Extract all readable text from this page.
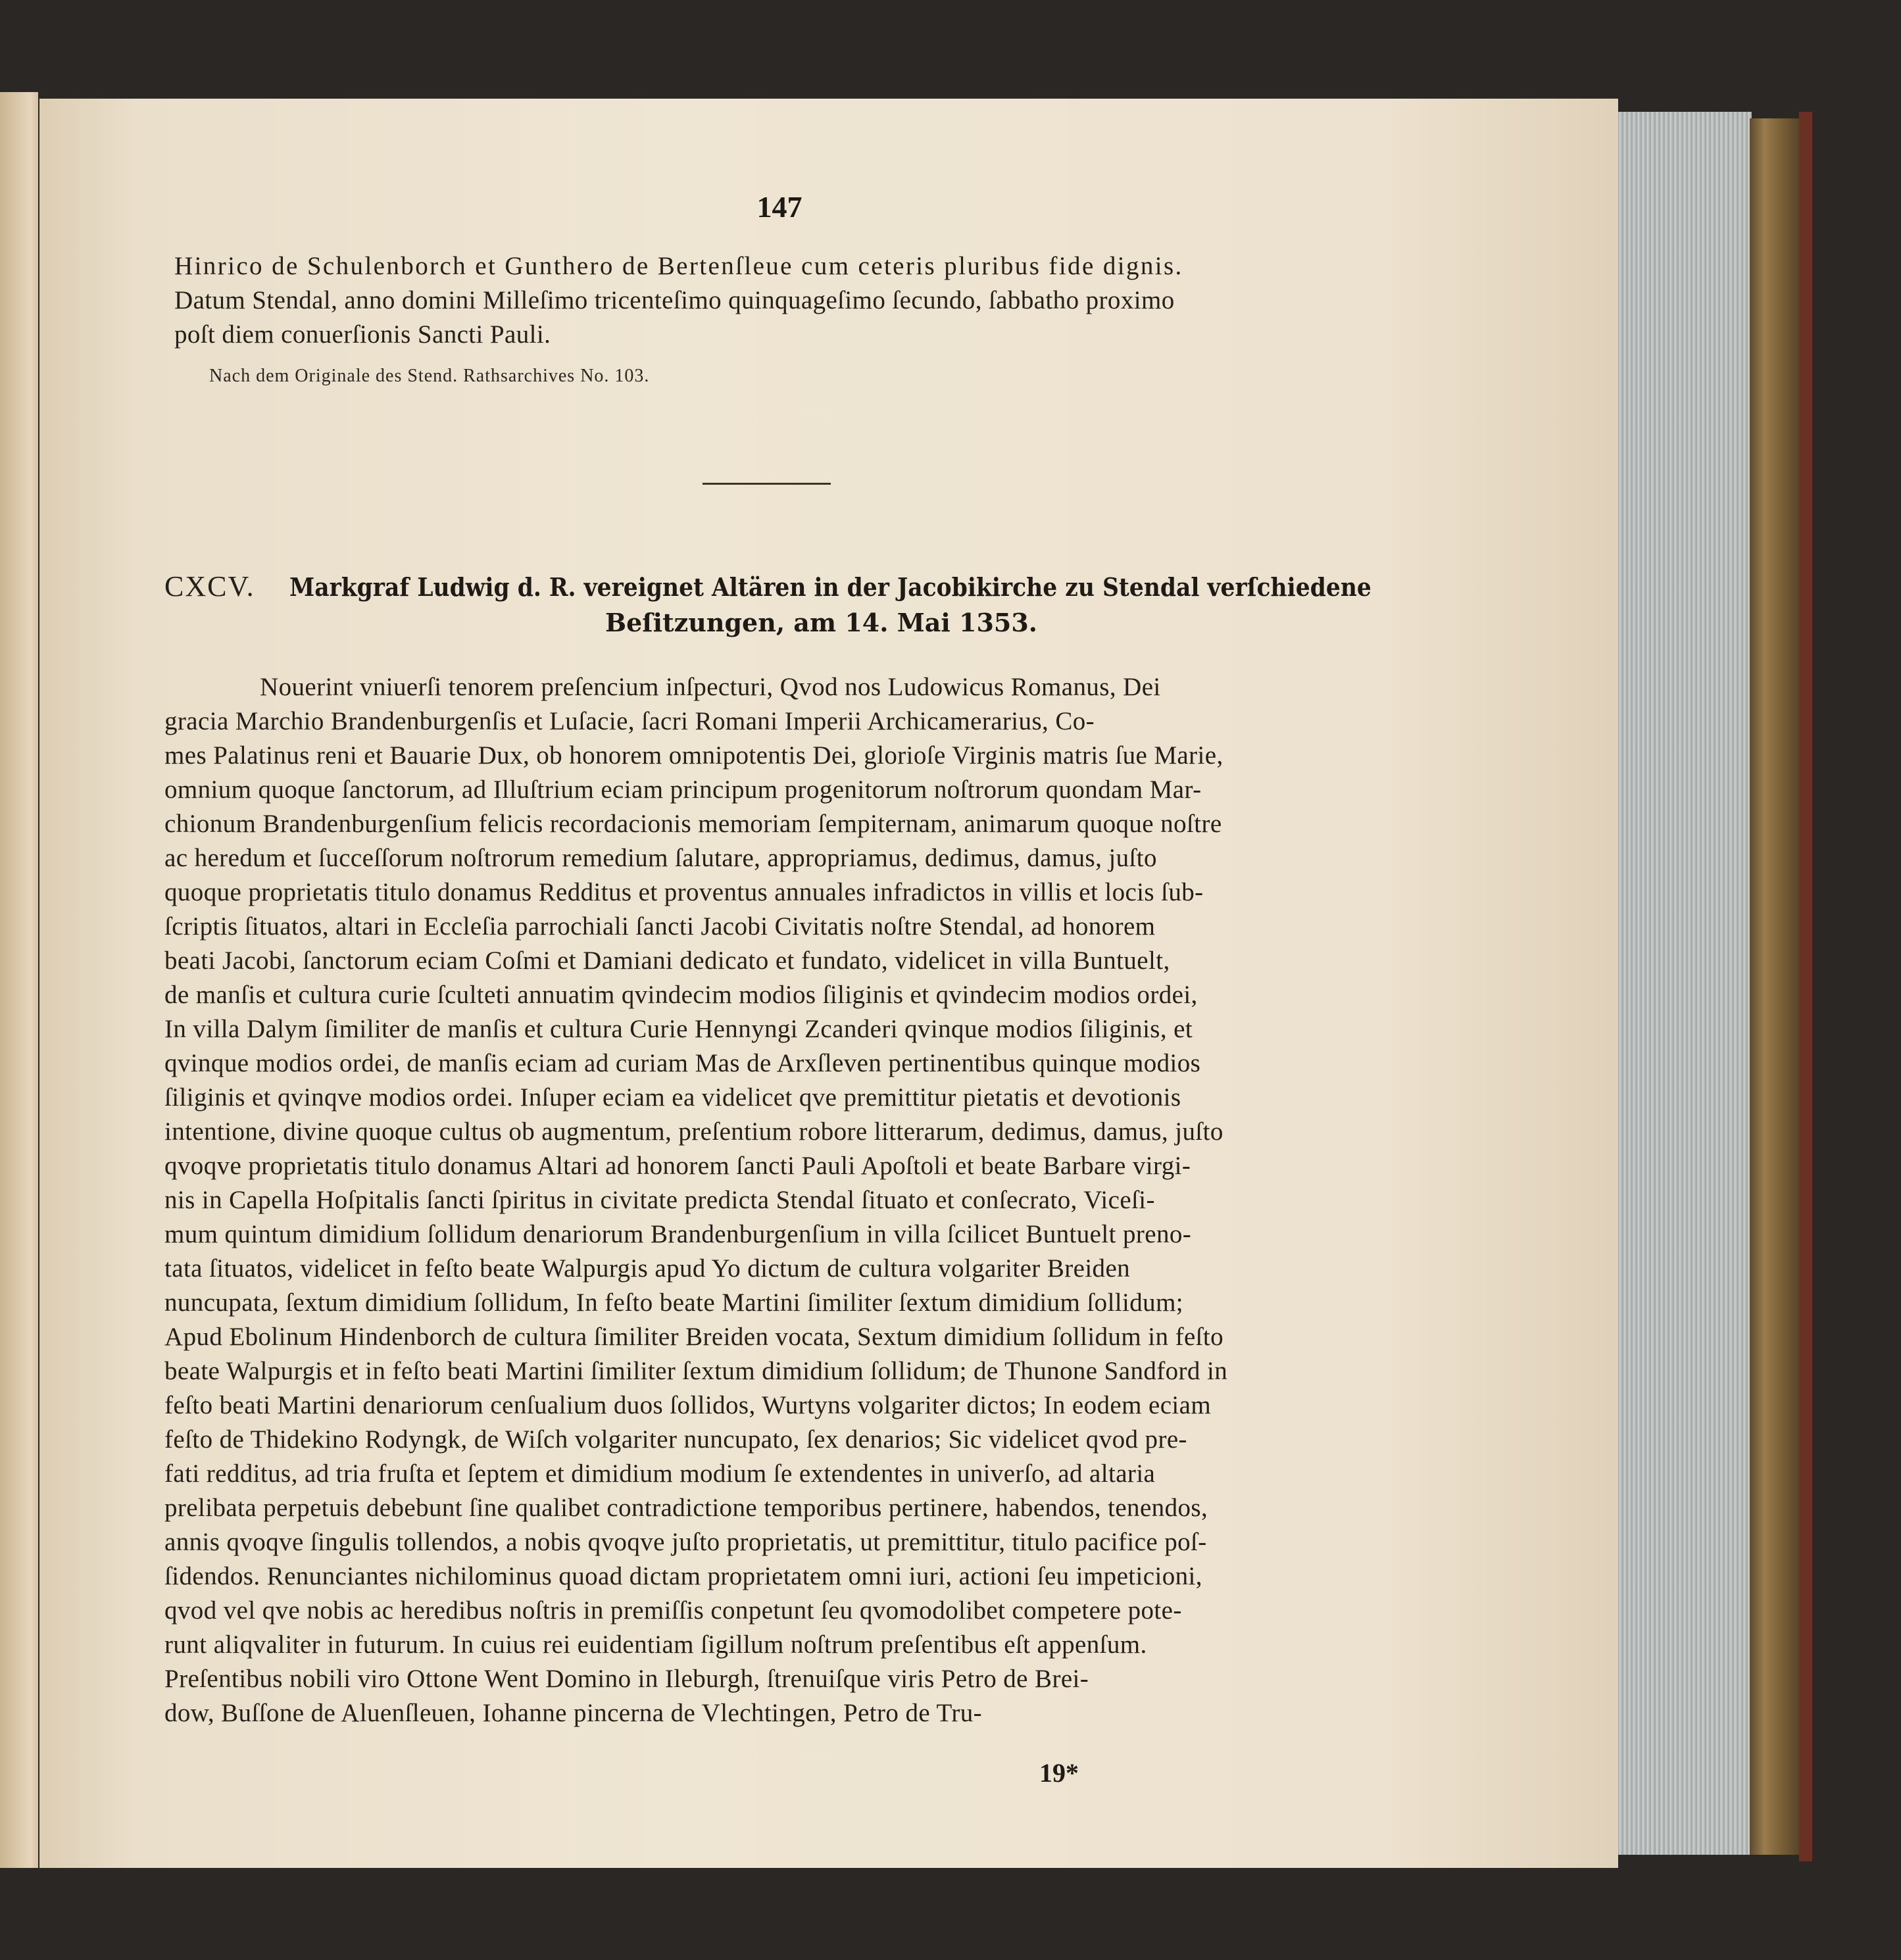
147
Hinrico de Schulenborch et Gunthero de Bertenſleue cum ceteris pluribus fide dignis.
Datum Stendal, anno domini Milleſimo tricenteſimo quinquageſimo ſecundo, ſabbatho proximo
poſt diem conuerſionis Sancti Pauli.
Nach dem Originale des Stend. Rathsarchives No. 103.
CXCV. Markgraf Ludwig d. R. vereignet Altären in der Jacobikirche zu Stendal verſchiedene
Beſitzungen, am 14. Mai 1353.
Nouerint vniuerſi tenorem preſencium inſpecturi, Qvod nos Ludowicus Romanus, Dei
gracia Marchio Brandenburgenſis et Luſacie, ſacri Romani Imperii Archicamerarius, Co-
mes Palatinus reni et Bauarie Dux, ob honorem omnipotentis Dei, glorioſe Virginis matris ſue Marie,
omnium quoque ſanctorum, ad Illuſtrium eciam principum progenitorum noſtrorum quondam Mar-
chionum Brandenburgenſium felicis recordacionis memoriam ſempiternam, animarum quoque noſtre
ac heredum et ſucceſſorum noſtrorum remedium ſalutare, appropriamus, dedimus, damus, juſto
quoque proprietatis titulo donamus Redditus et proventus annuales infradictos in villis et locis ſub-
ſcriptis ſituatos, altari in Eccleſia parrochiali ſancti Jacobi Civitatis noſtre Stendal, ad honorem
beati Jacobi, ſanctorum eciam Coſmi et Damiani dedicato et fundato, videlicet in villa Buntuelt,
de manſis et cultura curie ſculteti annuatim qvindecim modios ſiliginis et qvindecim modios ordei,
In villa Dalym ſimiliter de manſis et cultura Curie Hennyngi Zcanderi qvinque modios ſiliginis, et
qvinque modios ordei, de manſis eciam ad curiam Mas de Arxſleven pertinentibus quinque modios
ſiliginis et qvinqve modios ordei. Inſuper eciam ea videlicet qve premittitur pietatis et devotionis
intentione, divine quoque cultus ob augmentum, preſentium robore litterarum, dedimus, damus, juſto
qvoqve proprietatis titulo donamus Altari ad honorem ſancti Pauli Apoſtoli et beate Barbare virgi-
nis in Capella Hoſpitalis ſancti ſpiritus in civitate predicta Stendal ſituato et conſecrato, Viceſi-
mum quintum dimidium ſollidum denariorum Brandenburgenſium in villa ſcilicet Buntuelt preno-
tata ſituatos, videlicet in feſto beate Walpurgis apud Yo dictum de cultura volgariter Breiden
nuncupata, ſextum dimidium ſollidum, In feſto beate Martini ſimiliter ſextum dimidium ſollidum;
Apud Ebolinum Hindenborch de cultura ſimiliter Breiden vocata, Sextum dimidium ſollidum in feſto
beate Walpurgis et in feſto beati Martini ſimiliter ſextum dimidium ſollidum; de Thunone Sandford in
feſto beati Martini denariorum cenſualium duos ſollidos, Wurtyns volgariter dictos; In eodem eciam
feſto de Thidekino Rodyngk, de Wiſch volgariter nuncupato, ſex denarios; Sic videlicet qvod pre-
fati redditus, ad tria fruſta et ſeptem et dimidium modium ſe extendentes in univerſo, ad altaria
prelibata perpetuis debebunt ſine qualibet contradictione temporibus pertinere, habendos, tenendos,
annis qvoqve ſingulis tollendos, a nobis qvoqve juſto proprietatis, ut premittitur, titulo pacifice poſ-
ſidendos. Renunciantes nichilominus quoad dictam proprietatem omni iuri, actioni ſeu impeticioni,
qvod vel qve nobis ac heredibus noſtris in premiſſis conpetunt ſeu qvomodolibet competere pote-
runt aliqvaliter in futurum. In cuius rei euidentiam ſigillum noſtrum preſentibus eſt appenſum.
Preſentibus nobili viro Ottone Went Domino in Ileburgh, ſtrenuiſque viris Petro de Brei-
dow, Buſſone de Aluenſleuen, Iohanne pincerna de Vlechtingen, Petro de Tru-
19*
